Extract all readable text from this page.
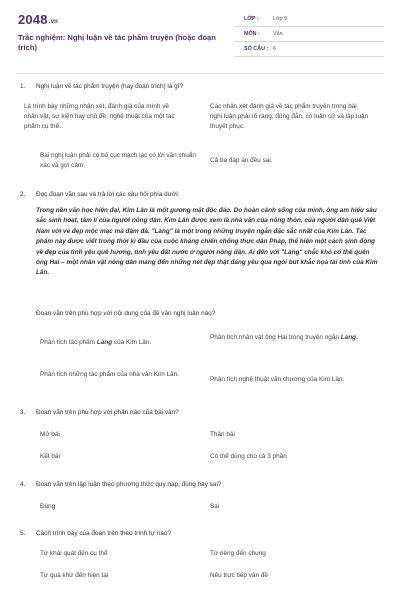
2048.vn
Trắc nghiệm: Nghị luận về tác phẩm truyện (hoặc đoạn trích)
LỚP :	Lớp 9
MÔN : Văn
SỐ CÂU : 6
1. Nghị luận về tác phẩm truyện (hay đoạn trích) là gì?
Là trình bày những nhận xét, đánh giá của mình về nhân vật, sự kiện hay chủ đề, nghệ thuật của một tác phẩm cụ thể.
Các nhận xét đánh giá về tác phẩm truyện trong bài nghị luận phải rõ ràng, đúng đắn, có luận cứ và lập luận thuyết phục.
Bài nghị luận phải có bố cục mạch lạc có lời văn chuẩn xác và gợi cảm.
Cả ba đáp án đều sai.
2. Đọc đoạn văn sau và trả lời các câu hỏi phía dưới:
Trong nền văn học hiện đại, Kim Lân là một gương mặt độc đáo. Do hoàn cảnh sống của mình, ông am hiểu sâu sắc sinh hoạt, tâm lí của người nông dân. Kim Lân được xem là nhà văn của nông thôn, của người dân quê Việt Nam với vẻ đẹp mộc mạc mà đậm đà. "Làng" là một trong những truyện ngắn đặc sắc nhất của Kim Lân. Tác phẩm này được viết trong thời kì đầu của cuộc kháng chiến chống thực dân Pháp, thể hiện một cách sinh động về đẹp của tình yêu quê hương, tình yêu đất nước ở người nông dân. Ai đến với "Làng" chắc khó có thể quên ông Hai – một nhân vật nông dân mang đến những nét đẹp thật đáng yêu qua ngòi bút khắc họa tài tình của Kim Lân.
Đoạn văn trên phù hợp với nội dung của đề văn nghị luận nào?
Phân tích tác phẩm Làng của Kim Lân.
Phân tích nhân vật ông Hai trong truyện ngắn Làng.
Phân tích những tác phẩm của nhà văn Kim Lân.
Phân tích nghệ thuật văn chương của Kim Lân.
3. Đoạn văn trên phù hợp với phần nào của bài văn?
Mở bài	Thân bài
Kết bài	Có thể dùng cho cả 3 phần
4. Đoạn văn trên lập luận theo phương thức quy nạp, đúng hay sai?
Đúng	Sai
5. Cách trình bày của đoạn trên theo trình tự nào?
Từ khái quát đến cụ thể	Từ riêng đến chung
Từ quá khứ đến hiện tại	Nêu trực tiếp vấn đề
